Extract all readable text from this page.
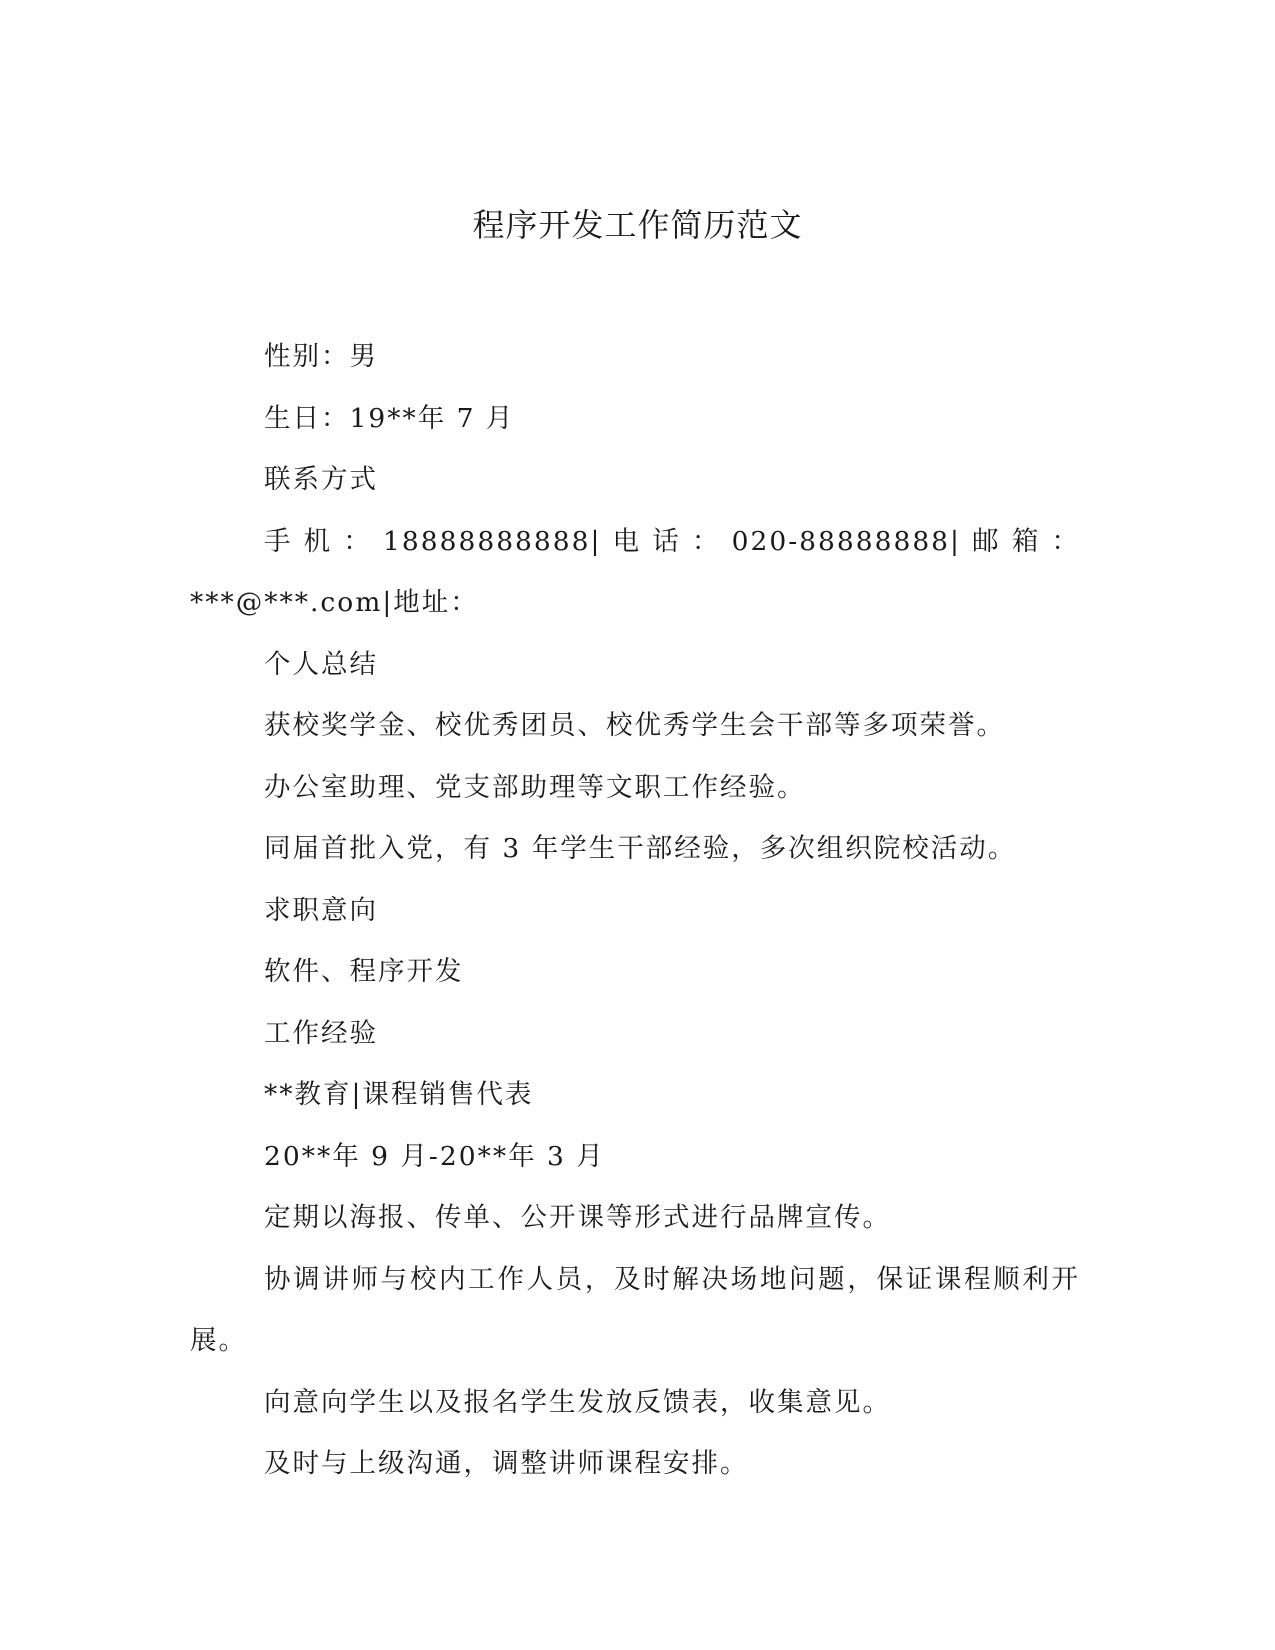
程序开发工作简历范文

性别：男

生日：19**年 7 月

联系方式

手机：18888888888|电话：020-88888888|邮箱：***@***.com|地址：

个人总结

获校奖学金、校优秀团员、校优秀学生会干部等多项荣誉。

办公室助理、党支部助理等文职工作经验。

同届首批入党，有 3 年学生干部经验，多次组织院校活动。

求职意向

软件、程序开发

工作经验

**教育|课程销售代表

20**年 9 月-20**年 3 月

定期以海报、传单、公开课等形式进行品牌宣传。

协调讲师与校内工作人员，及时解决场地问题，保证课程顺利开展。

向意向学生以及报名学生发放反馈表，收集意见。

及时与上级沟通，调整讲师课程安排。
